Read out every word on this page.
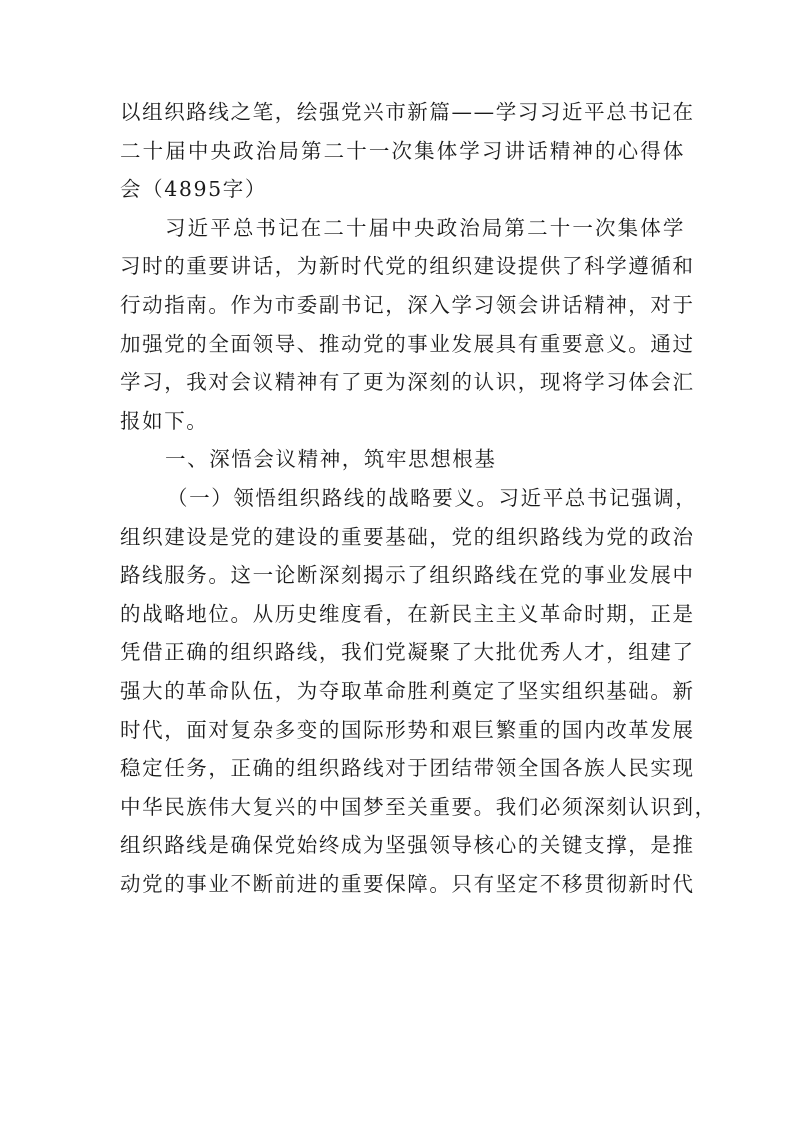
以组织路线之笔，绘强党兴市新篇——学习习近平总书记在
二十届中央政治局第二十一次集体学习讲话精神的心得体
会（4895字）
习近平总书记在二十届中央政治局第二十一次集体学
习时的重要讲话，为新时代党的组织建设提供了科学遵循和
行动指南。作为市委副书记，深入学习领会讲话精神，对于
加强党的全面领导、推动党的事业发展具有重要意义。通过
学习，我对会议精神有了更为深刻的认识，现将学习体会汇
报如下。
一、深悟会议精神，筑牢思想根基
（一）领悟组织路线的战略要义。习近平总书记强调，
组织建设是党的建设的重要基础，党的组织路线为党的政治
路线服务。这一论断深刻揭示了组织路线在党的事业发展中
的战略地位。从历史维度看，在新民主主义革命时期，正是
凭借正确的组织路线，我们党凝聚了大批优秀人才，组建了
强大的革命队伍，为夺取革命胜利奠定了坚实组织基础。新
时代，面对复杂多变的国际形势和艰巨繁重的国内改革发展
稳定任务，正确的组织路线对于团结带领全国各族人民实现
中华民族伟大复兴的中国梦至关重要。我们必须深刻认识到，
组织路线是确保党始终成为坚强领导核心的关键支撑，是推
动党的事业不断前进的重要保障。只有坚定不移贯彻新时代
